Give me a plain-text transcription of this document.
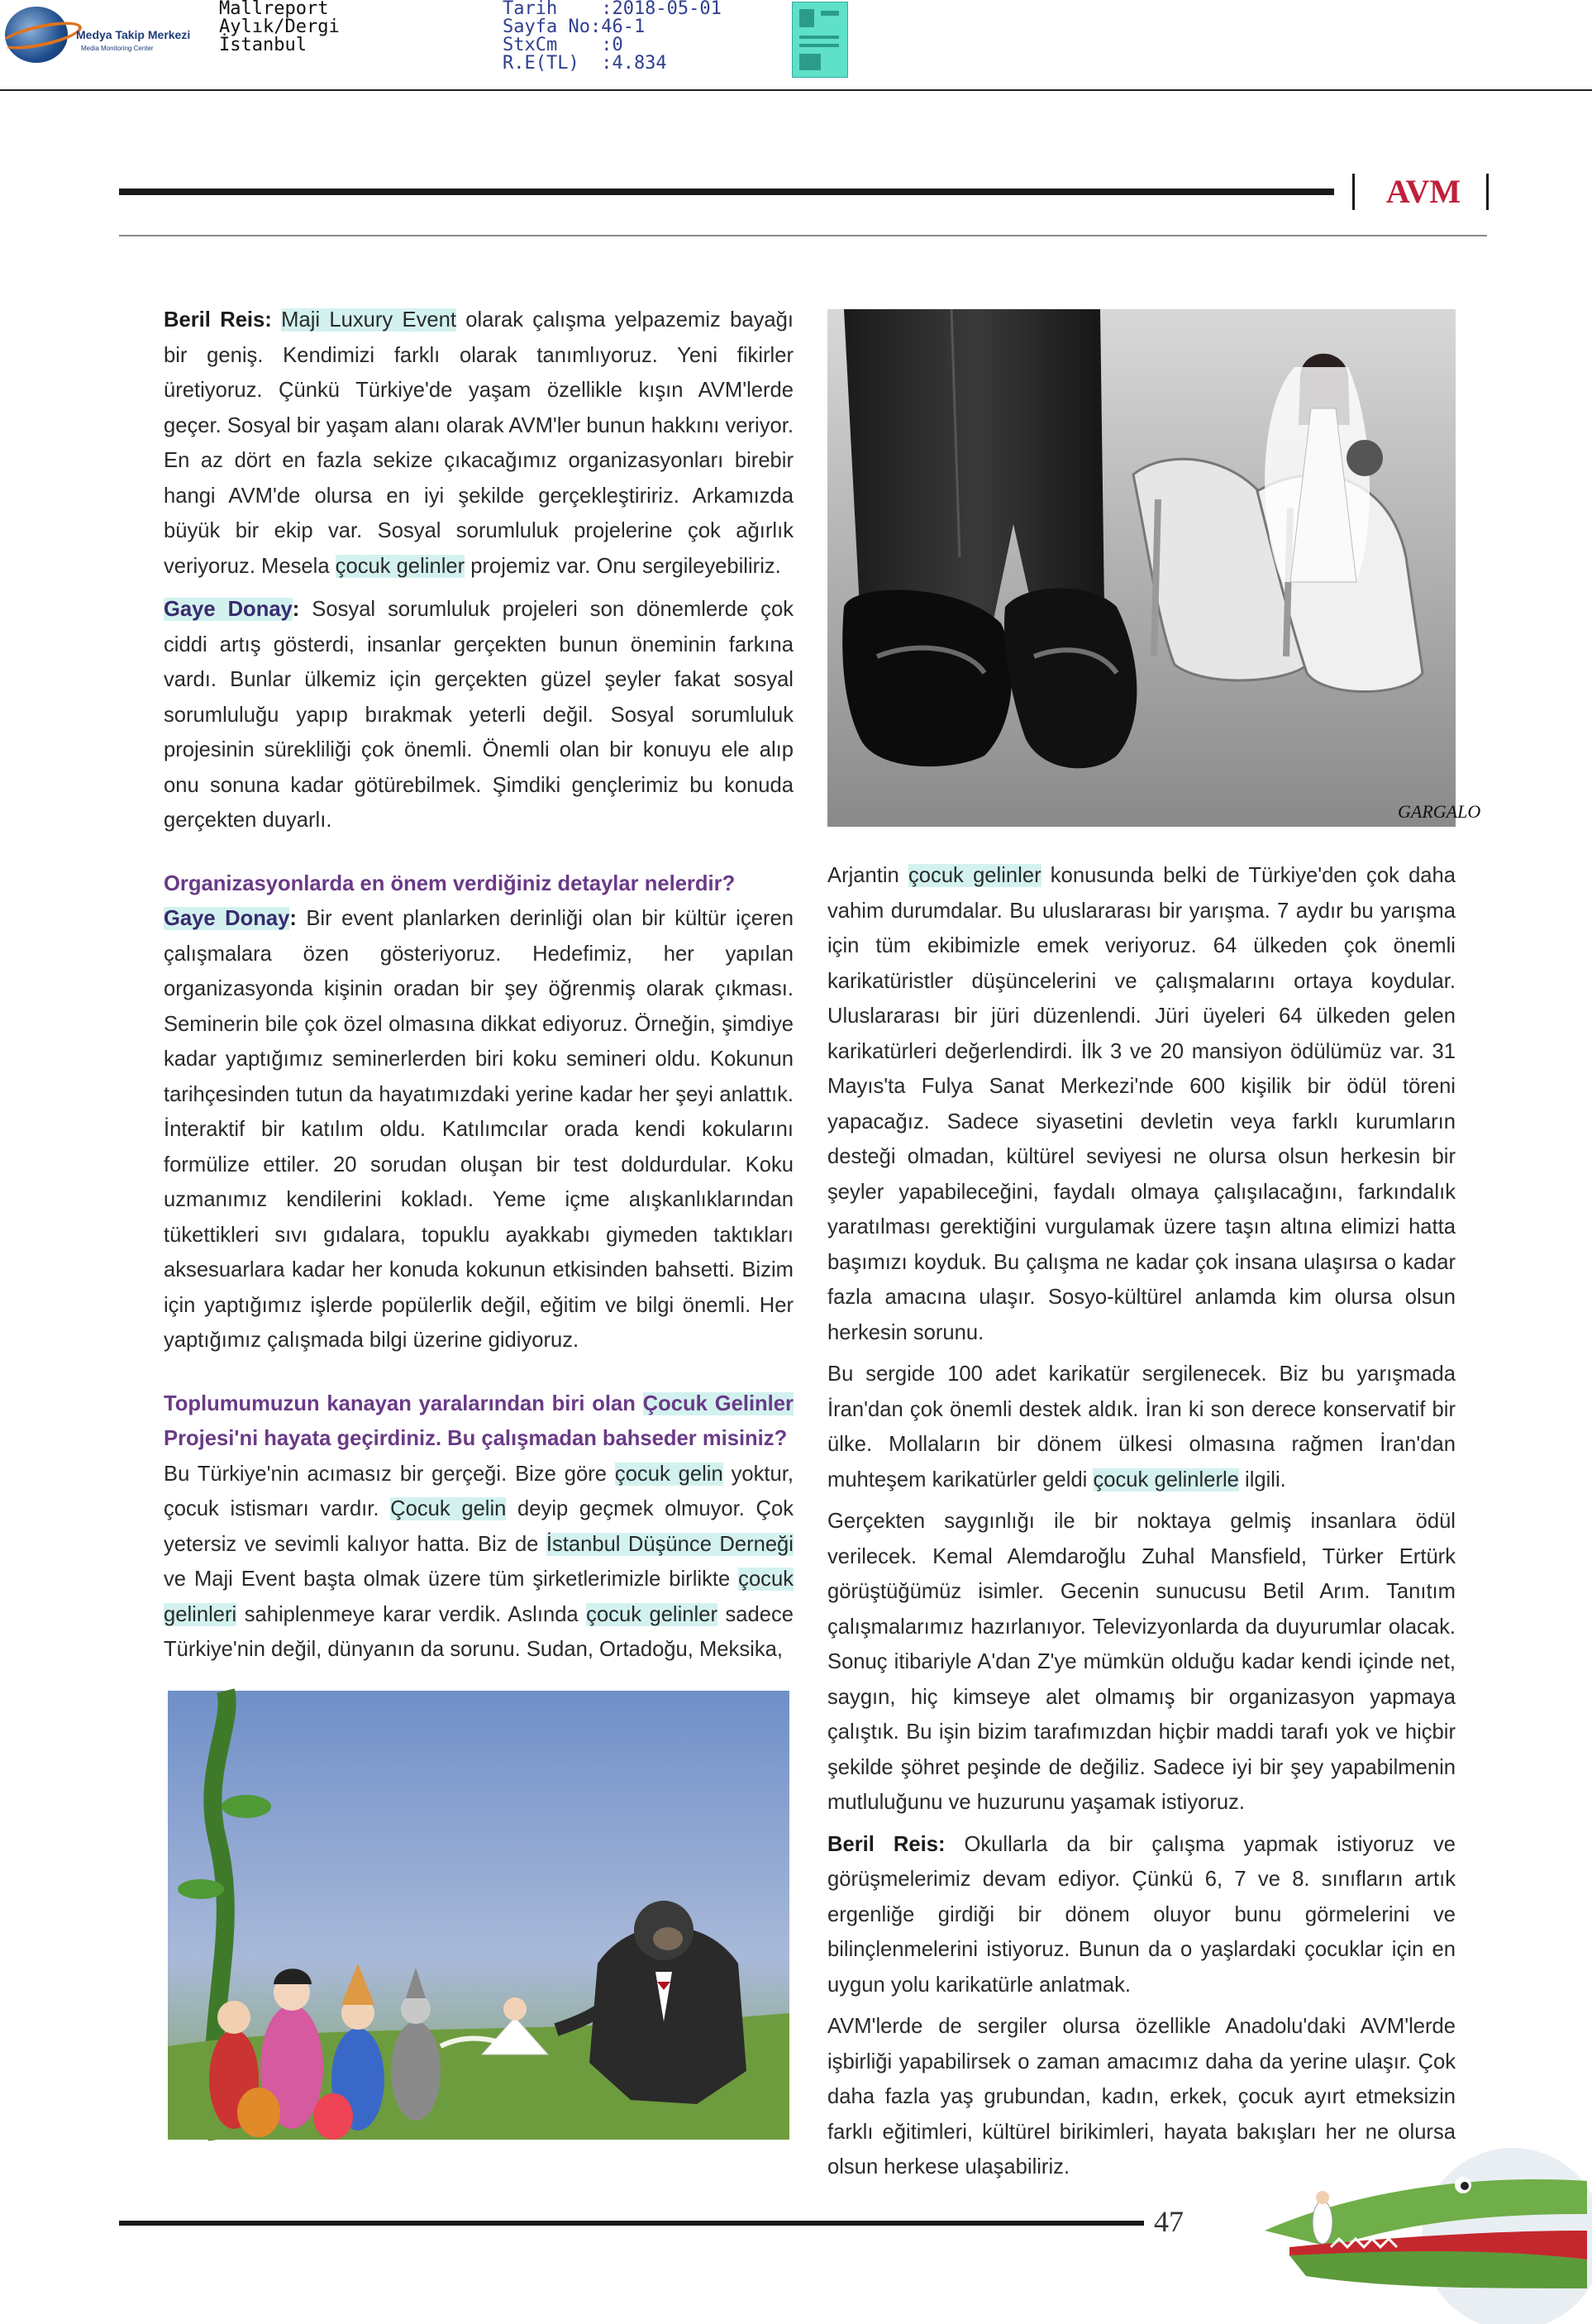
Medya Takip Merkezi
Media Monitoring Center
Mallreport
Aylık/Dergi
İstanbul
Tarih    :2018-05-01
Sayfa No:46-1
StxCm    :0
R.E(TL)  :4.834
AVM

Beril Reis: Maji Luxury Event olarak çalışma yelpazemiz bayağı bir geniş. Kendimizi farklı olarak tanımlıyoruz. Yeni fikirler üretiyoruz. Çünkü Türkiye'de yaşam özellikle kışın AVM'lerde geçer. Sosyal bir yaşam alanı olarak AVM'ler bunun hakkını veriyor. En az dört en fazla sekize çıkacağımız organizasyonları birebir hangi AVM'de olursa en iyi şekilde gerçekleştiririz. Arkamızda büyük bir ekip var. Sosyal sorumluluk projelerine çok ağırlık veriyoruz. Mesela çocuk gelinler projemiz var. Onu sergileyebiliriz.

Gaye Donay: Sosyal sorumluluk projeleri son dönemlerde çok ciddi artış gösterdi, insanlar gerçekten bunun öneminin farkına vardı. Bunlar ülkemiz için gerçekten güzel şeyler fakat sosyal sorumluluğu yapıp bırakmak yeterli değil. Sosyal sorumluluk projesinin sürekliliği çok önemli. Önemli olan bir konuyu ele alıp onu sonuna kadar götürebilmek. Şimdiki gençlerimiz bu konuda gerçekten duyarlı.

Organizasyonlarda en önem verdiğiniz detaylar nelerdir?
Gaye Donay: Bir event planlarken derinliği olan bir kültür içeren çalışmalara özen gösteriyoruz. Hedefimiz, her yapılan organizasyonda kişinin oradan bir şey öğrenmiş olarak çıkması. Seminerin bile çok özel olmasına dikkat ediyoruz. Örneğin, şimdiye kadar yaptığımız seminerlerden biri koku semineri oldu. Kokunun tarihçesinden tutun da hayatımızdaki yerine kadar her şeyi anlattık. İnteraktif bir katılım oldu. Katılımcılar orada kendi kokularını formülize ettiler. 20 sorudan oluşan bir test doldurdular. Koku uzmanımız kendilerini kokladı. Yeme içme alışkanlıklarından tükettikleri sıvı gıdalara, topuklu ayakkabı giymeden taktıkları aksesuarlara kadar her konuda kokunun etkisinden bahsetti. Bizim için yaptığımız işlerde popülerlik değil, eğitim ve bilgi önemli. Her yaptığımız çalışmada bilgi üzerine gidiyoruz.

Toplumumuzun kanayan yaralarından biri olan Çocuk Gelinler Projesi'ni hayata geçirdiniz. Bu çalışmadan bahseder misiniz?
Bu Türkiye'nin acımasız bir gerçeği. Bize göre çocuk gelin yoktur, çocuk istismarı vardır. Çocuk gelin deyip geçmek olmuyor. Çok yetersiz ve sevimli kalıyor hatta. Biz de İstanbul Düşünce Derneği ve Maji Event başta olmak üzere tüm şirketlerimizle birlikte çocuk gelinleri sahiplenmeye karar verdik. Aslında çocuk gelinler sadece Türkiye'nin değil, dünyanın da sorunu. Sudan, Ortadoğu, Meksika,

GARGALO

Arjantin çocuk gelinler konusunda belki de Türkiye'den çok daha vahim durumdalar. Bu uluslararası bir yarışma. 7 aydır bu yarışma için tüm ekibimizle emek veriyoruz. 64 ülkeden çok önemli karikatüristler düşüncelerini ve çalışmalarını ortaya koydular. Uluslararası bir jüri düzenlendi. Jüri üyeleri 64 ülkeden gelen karikatürleri değerlendirdi. İlk 3 ve 20 mansiyon ödülümüz var. 31 Mayıs'ta Fulya Sanat Merkezi'nde 600 kişilik bir ödül töreni yapacağız. Sadece siyasetini devletin veya farklı kurumların desteği olmadan, kültürel seviyesi ne olursa olsun herkesin bir şeyler yapabileceğini, faydalı olmaya çalışılacağını, farkındalık yaratılması gerektiğini vurgulamak üzere taşın altına elimizi hatta başımızı koyduk. Bu çalışma ne kadar çok insana ulaşırsa o kadar fazla amacına ulaşır. Sosyo-kültürel anlamda kim olursa olsun herkesin sorunu.

Bu sergide 100 adet karikatür sergilenecek. Biz bu yarışmada İran'dan çok önemli destek aldık. İran ki son derece konservatif bir ülke. Mollaların bir dönem ülkesi olmasına rağmen İran'dan muhteşem karikatürler geldi çocuk gelinlerle ilgili.

Gerçekten saygınlığı ile bir noktaya gelmiş insanlara ödül verilecek. Kemal Alemdaroğlu Zuhal Mansfield, Türker Ertürk görüştüğümüz isimler. Gecenin sunucusu Betil Arım. Tanıtım çalışmalarımız hazırlanıyor. Televizyonlarda da duyurumlar olacak. Sonuç itibariyle A'dan Z'ye mümkün olduğu kadar kendi içinde net, saygın, hiç kimseye alet olmamış bir organizasyon yapmaya çalıştık. Bu işin bizim tarafımızdan hiçbir maddi tarafı yok ve hiçbir şekilde şöhret peşinde de değiliz. Sadece iyi bir şey yapabilmenin mutluluğunu ve huzurunu yaşamak istiyoruz.

Beril Reis: Okullarla da bir çalışma yapmak istiyoruz ve görüşmelerimiz devam ediyor. Çünkü 6, 7 ve 8. sınıfların artık ergenliğe girdiği bir dönem oluyor bunu görmelerini ve bilinçlenmelerini istiyoruz. Bunun da o yaşlardaki çocuklar için en uygun yolu karikatürle anlatmak.

AVM'lerde de sergiler olursa özellikle Anadolu'daki AVM'lerde işbirliği yapabilirsek o zaman amacımız daha da yerine ulaşır. Çok daha fazla yaş grubundan, kadın, erkek, çocuk ayırt etmeksizin farklı eğitimleri, kültürel birikimleri, hayata bakışları her ne olursa olsun herkese ulaşabiliriz.

47
